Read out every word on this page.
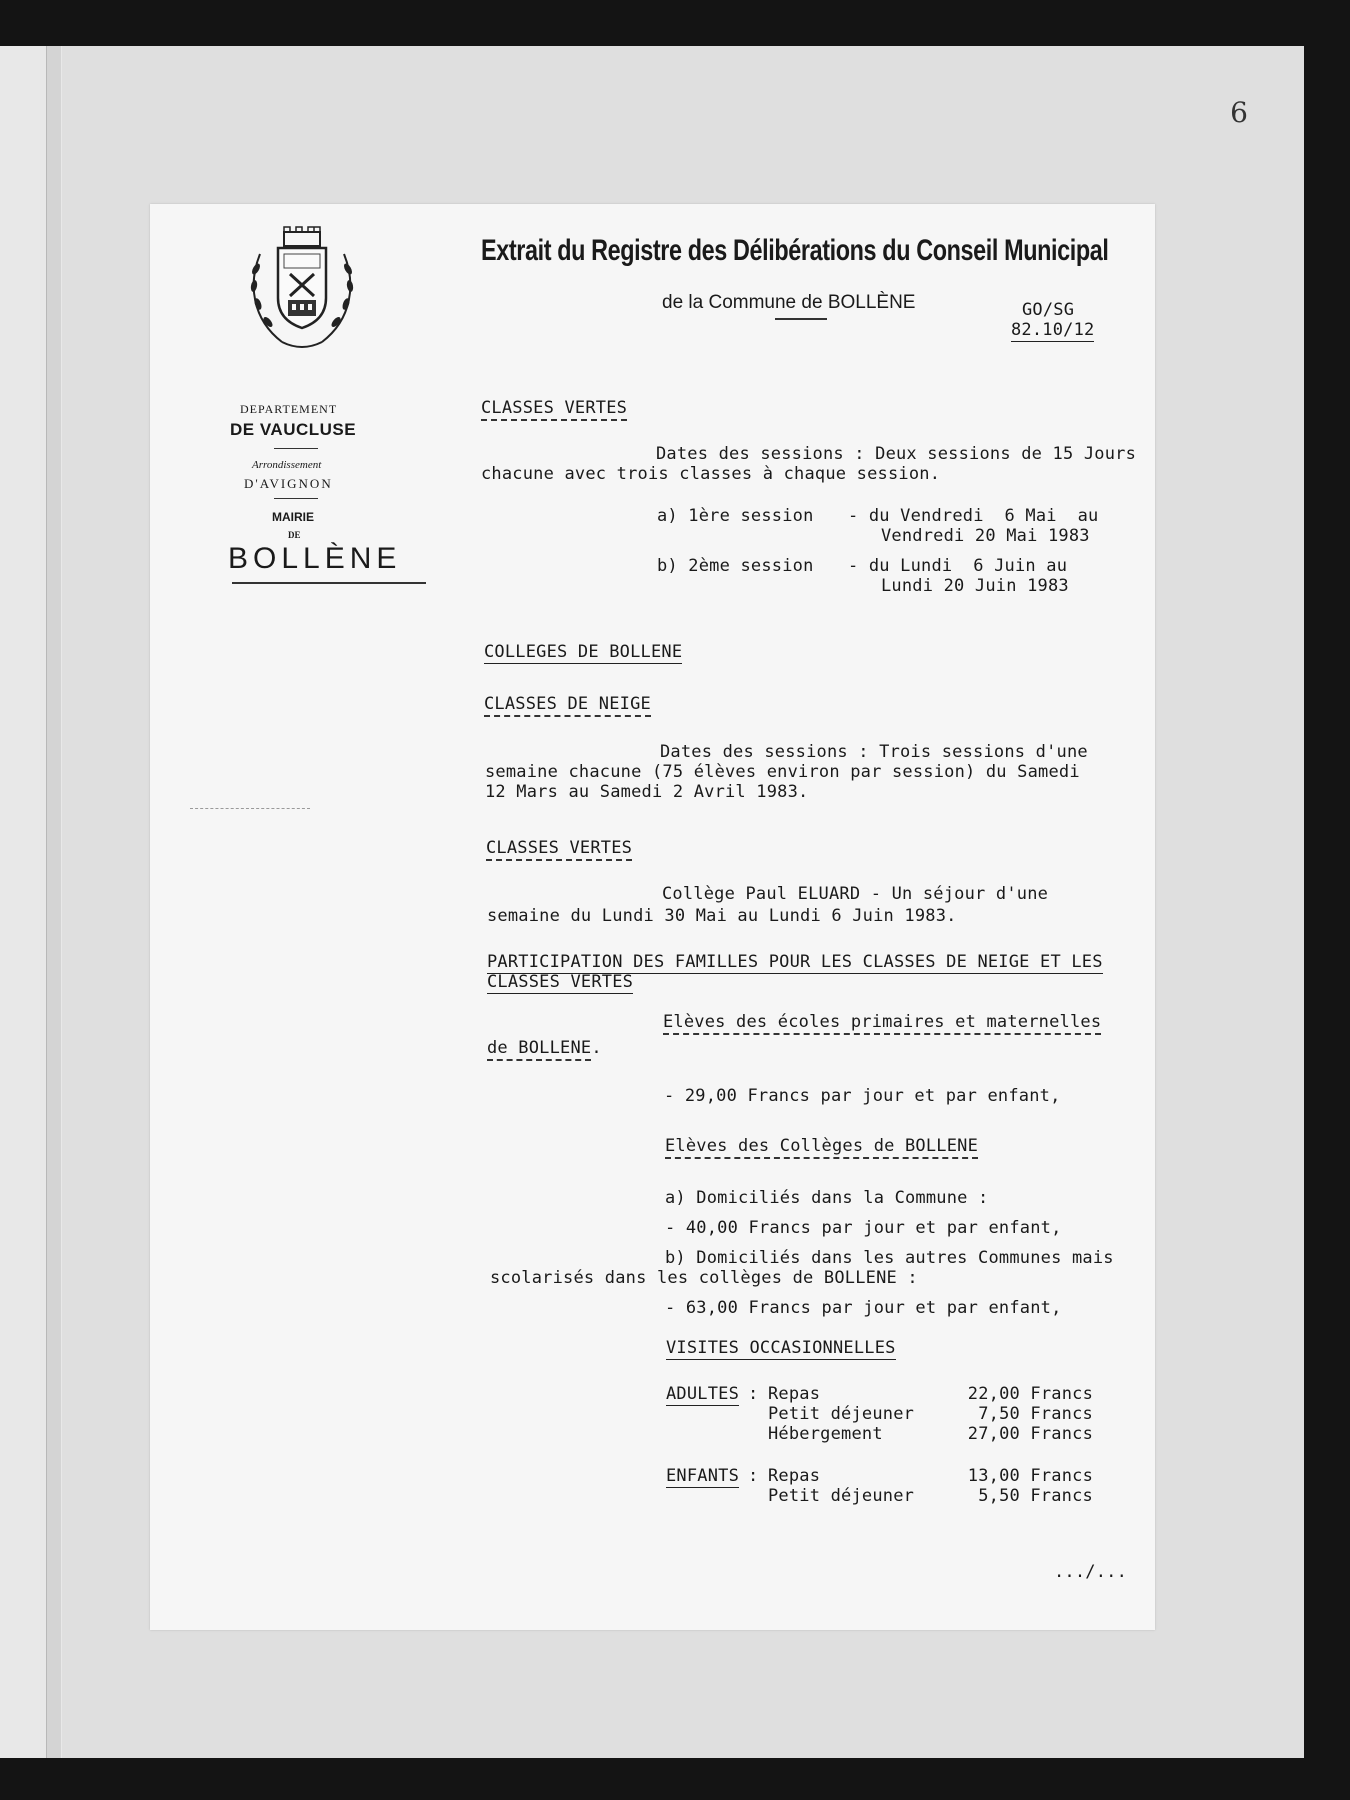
6
DEPARTEMENT
DE VAUCLUSE
Arrondissement
D'AVIGNON
MAIRIE
DE
BOLLÈNE
Extrait du Registre des Délibérations du Conseil Municipal
de la Commune de BOLLÈNE	GO/SG
82.10/12
CLASSES VERTES
Dates des sessions : Deux sessions de 15 Jours
chacune avec trois classes à chaque session.
a) 1ère session - du Vendredi  6 Mai  au
Vendredi 20 Mai 1983
b) 2ème session - du Lundi  6 Juin au
Lundi 20 Juin 1983
COLLEGES DE BOLLENE
CLASSES DE NEIGE
Dates des sessions : Trois sessions d'une
semaine chacune (75 élèves environ par session) du Samedi
12 Mars au Samedi 2 Avril 1983.
CLASSES VERTES
Collège Paul ELUARD - Un séjour d'une
semaine du Lundi 30 Mai au Lundi 6 Juin 1983.
PARTICIPATION DES FAMILLES POUR LES CLASSES DE NEIGE ET LES
CLASSES VERTES
Elèves des écoles primaires et maternelles
de BOLLENE.
- 29,00 Francs par jour et par enfant,
Elèves des Collèges de BOLLENE
a) Domiciliés dans la Commune :
- 40,00 Francs par jour et par enfant,
b) Domiciliés dans les autres Communes mais
scolarisés dans les collèges de BOLLENE :
- 63,00 Francs par jour et par enfant,
VISITES OCCASIONNELLES
ADULTES : Repas
Petit déjeuner
Hébergement
22,00 Francs
7,50 Francs
27,00 Francs
ENFANTS : Repas
Petit déjeuner
13,00 Francs
5,50 Francs
.../...
